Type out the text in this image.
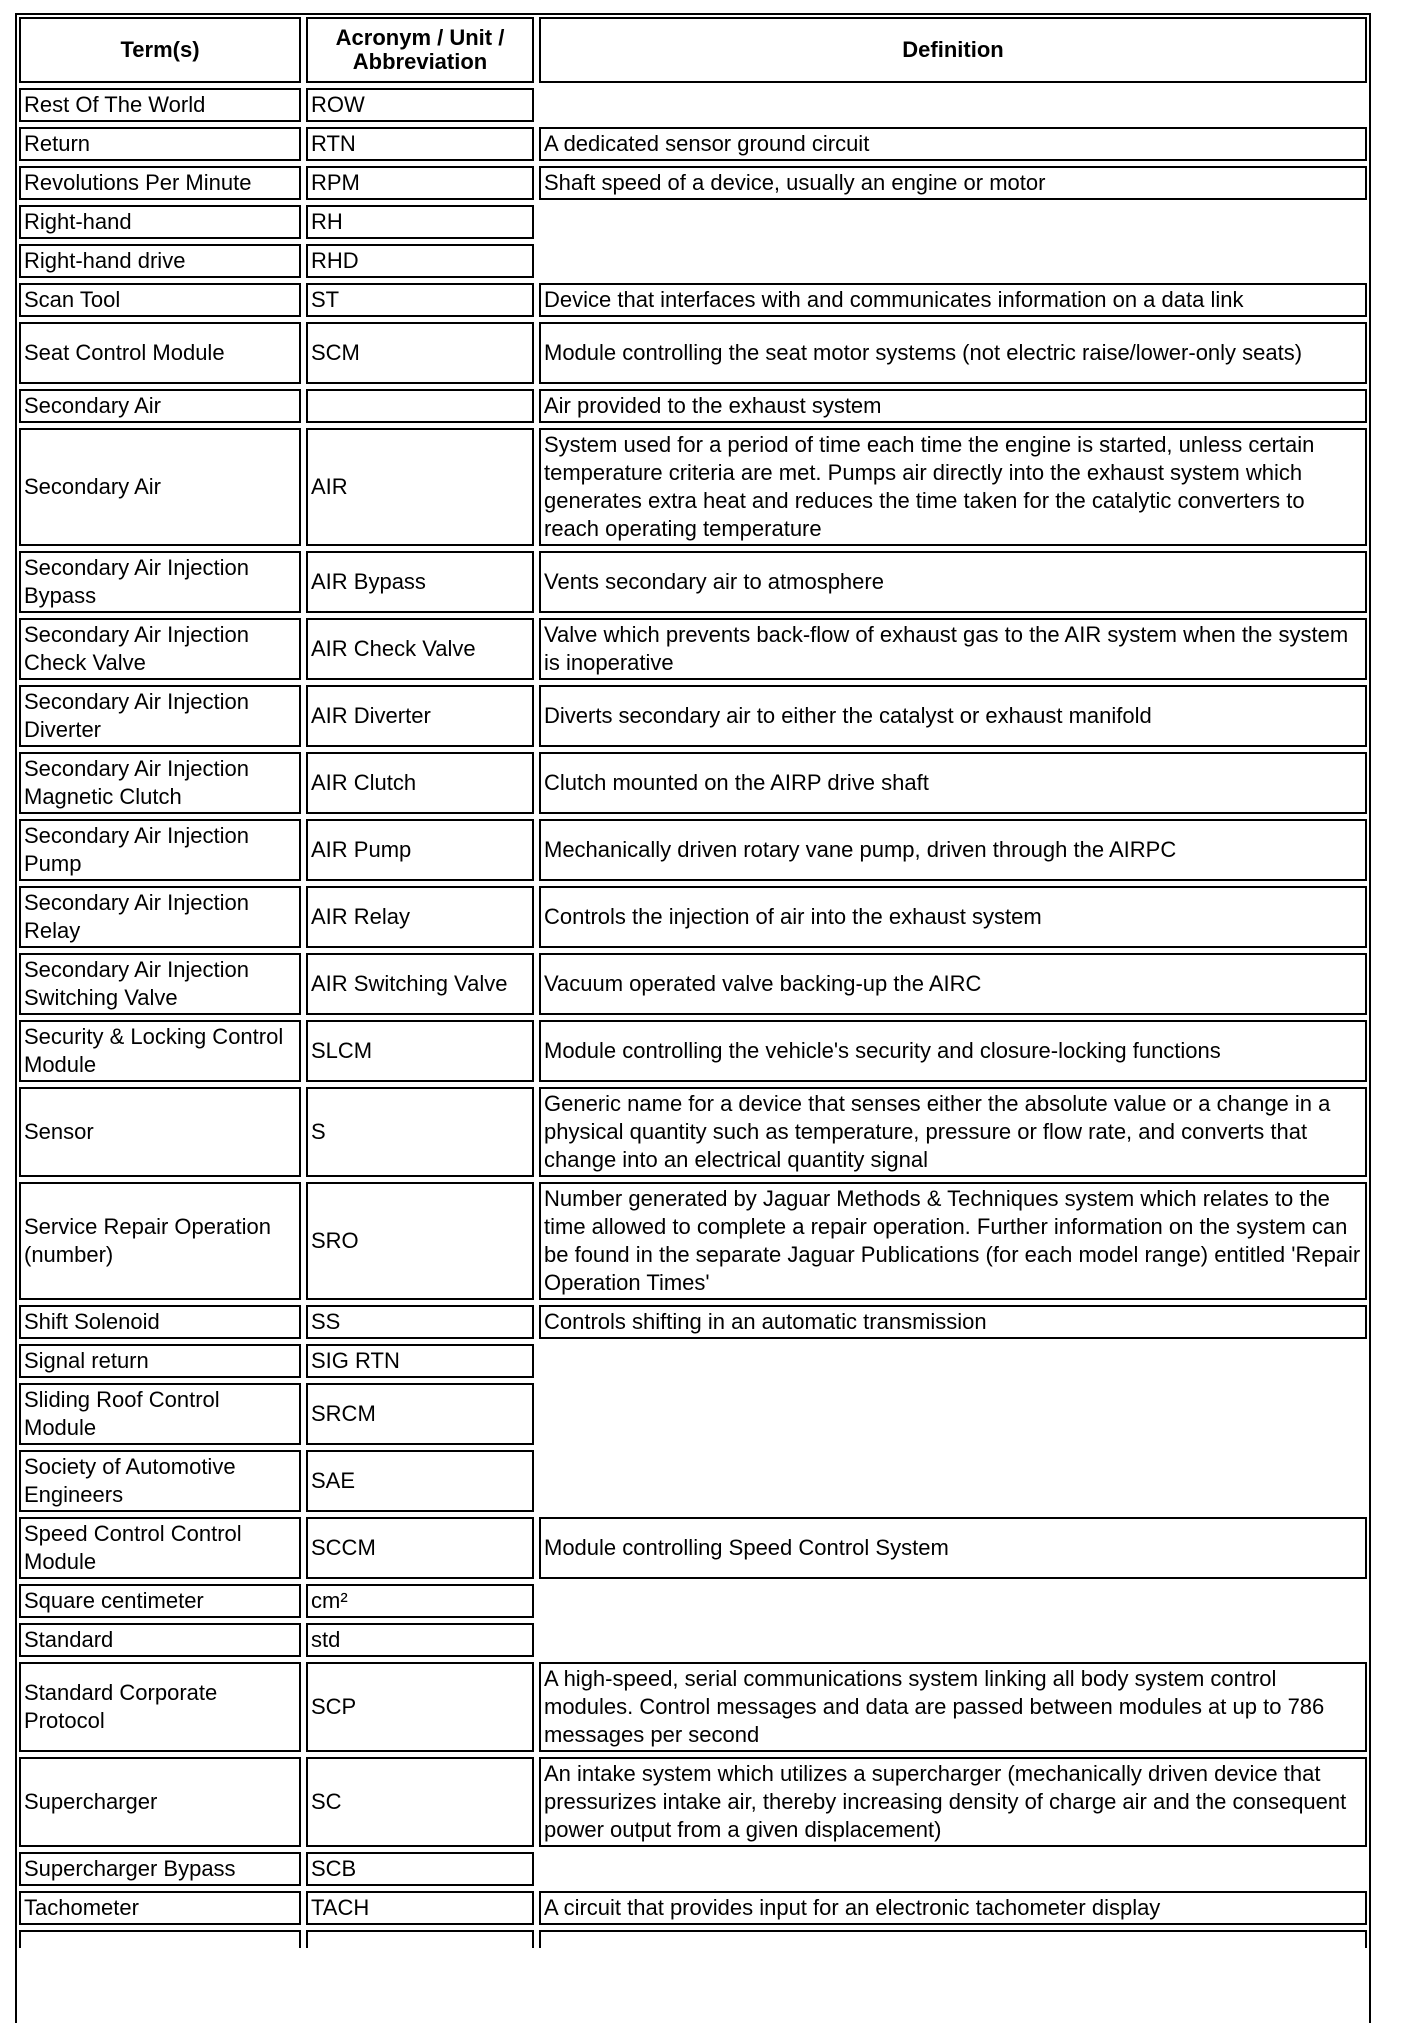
Term(s)	Acronym / Unit / Abbreviation	Definition
Rest Of The World	ROW	
Return	RTN	A dedicated sensor ground circuit
Revolutions Per Minute	RPM	Shaft speed of a device, usually an engine or motor
Right-hand	RH	
Right-hand drive	RHD	
Scan Tool	ST	Device that interfaces with and communicates information on a data link
Seat Control Module	SCM	Module controlling the seat motor systems (not electric raise/lower-only seats)
Secondary Air		Air provided to the exhaust system
Secondary Air	AIR	System used for a period of time each time the engine is started, unless certain temperature criteria are met. Pumps air directly into the exhaust system which generates extra heat and reduces the time taken for the catalytic converters to reach operating temperature
Secondary Air Injection Bypass	AIR Bypass	Vents secondary air to atmosphere
Secondary Air Injection Check Valve	AIR Check Valve	Valve which prevents back-flow of exhaust gas to the AIR system when the system is inoperative
Secondary Air Injection Diverter	AIR Diverter	Diverts secondary air to either the catalyst or exhaust manifold
Secondary Air Injection Magnetic Clutch	AIR Clutch	Clutch mounted on the AIRP drive shaft
Secondary Air Injection Pump	AIR Pump	Mechanically driven rotary vane pump, driven through the AIRPC
Secondary Air Injection Relay	AIR Relay	Controls the injection of air into the exhaust system
Secondary Air Injection Switching Valve	AIR Switching Valve	Vacuum operated valve backing-up the AIRC
Security & Locking Control Module	SLCM	Module controlling the vehicle's security and closure-locking functions
Sensor	S	Generic name for a device that senses either the absolute value or a change in a physical quantity such as temperature, pressure or flow rate, and converts that change into an electrical quantity signal
Service Repair Operation (number)	SRO	Number generated by Jaguar Methods & Techniques system which relates to the time allowed to complete a repair operation. Further information on the system can be found in the separate Jaguar Publications (for each model range) entitled 'Repair Operation Times'
Shift Solenoid	SS	Controls shifting in an automatic transmission
Signal return	SIG RTN	
Sliding Roof Control Module	SRCM	
Society of Automotive Engineers	SAE	
Speed Control Control Module	SCCM	Module controlling Speed Control System
Square centimeter	cm²	
Standard	std	
Standard Corporate Protocol	SCP	A high-speed, serial communications system linking all body system control modules. Control messages and data are passed between modules at up to 786 messages per second
Supercharger	SC	An intake system which utilizes a supercharger (mechanically driven device that pressurizes intake air, thereby increasing density of charge air and the consequent power output from a given displacement)
Supercharger Bypass	SCB	
Tachometer	TACH	A circuit that provides input for an electronic tachometer display
